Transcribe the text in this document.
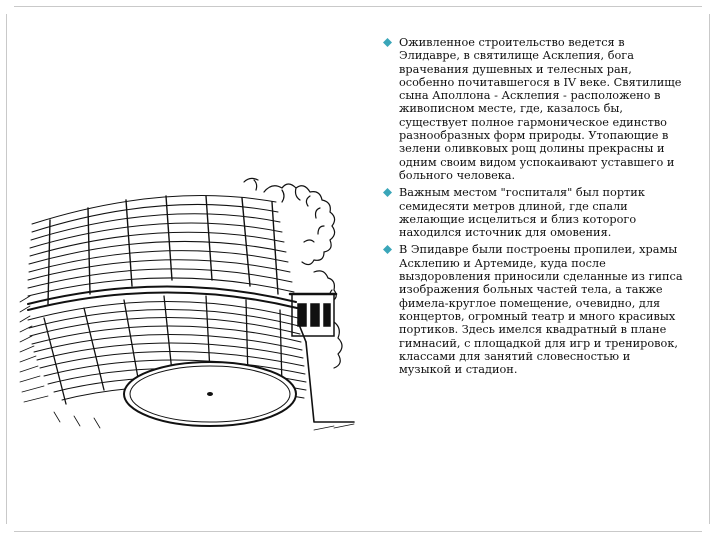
Оживленное строительство ведется в Элидавре, в святилище Асклепия, бога врачевания душевных и телесных ран, особенно почитавшегося в IV веке. Святилище сына Аполлона - Асклепия - расположено в живописном месте, где, казалось бы, существует полное гармоническое единство разнообразных форм природы. Утопающие в зелени оливковых рощ долины прекрасны и одним своим видом успокаивают уставшего и больного человека.
Важным местом "госпиталя" был портик семидесяти метров длиной, где спали желающие исцелиться и близ которого находился источник для омовения.
В Эпидавре были построены пропилеи, храмы Асклепию и Артемиде, куда после выздоровления приносили сделанные из гипса изображения больных частей тела, а также фимела-круглое помещение, очевидно, для концертов, огромный театр и много красивых портиков. Здесь имелся квадратный в плане гимнасий, с площадкой для игр и тренировок, классами для занятий словесностью и музыкой и стадион.
